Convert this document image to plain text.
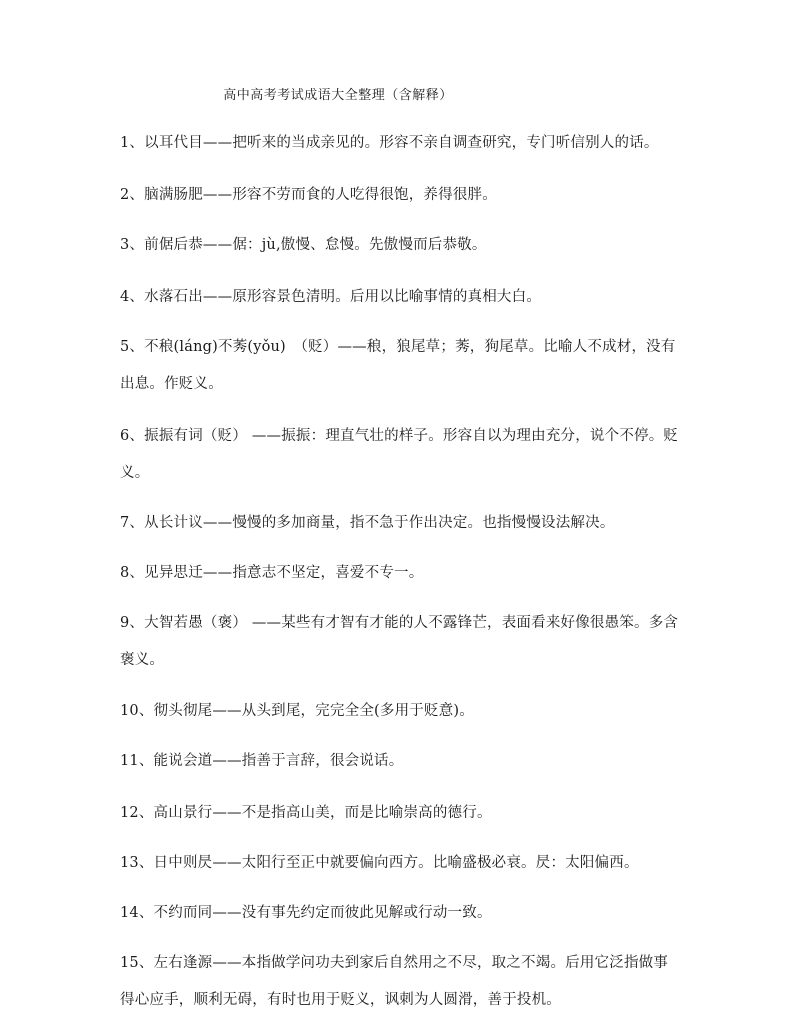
高中高考考试成语大全整理（含解释）
1、以耳代目——把听来的当成亲见的。形容不亲自调查研究，专门听信别人的话。
2、脑满肠肥——形容不劳而食的人吃得很饱，养得很胖。
3、前倨后恭——倨：jù,傲慢、怠慢。先傲慢而后恭敬。
4、水落石出——原形容景色清明。后用以比喻事情的真相大白。
5、不稂(láng)不莠(yǒu)　（贬）——稂，狼尾草；莠，狗尾草。比喻人不成材，没有
出息。作贬义。
6、振振有词（贬） ——振振：理直气壮的样子。形容自以为理由充分，说个不停。贬
义。
7、从长计议——慢慢的多加商量，指不急于作出决定。也指慢慢设法解决。
8、见异思迁——指意志不坚定，喜爱不专一。
9、大智若愚（褒） ——某些有才智有才能的人不露锋芒，表面看来好像很愚笨。多含
褒义。
10、彻头彻尾——从头到尾，完完全全(多用于贬意)。
11、能说会道——指善于言辞，很会说话。
12、高山景行——不是指高山美，而是比喻崇高的德行。
13、日中则昃——太阳行至正中就要偏向西方。比喻盛极必衰。昃：太阳偏西。
14、不约而同——没有事先约定而彼此见解或行动一致。
15、左右逢源——本指做学问功夫到家后自然用之不尽，取之不竭。后用它泛指做事
得心应手，顺利无碍，有时也用于贬义，讽刺为人圆滑，善于投机。
